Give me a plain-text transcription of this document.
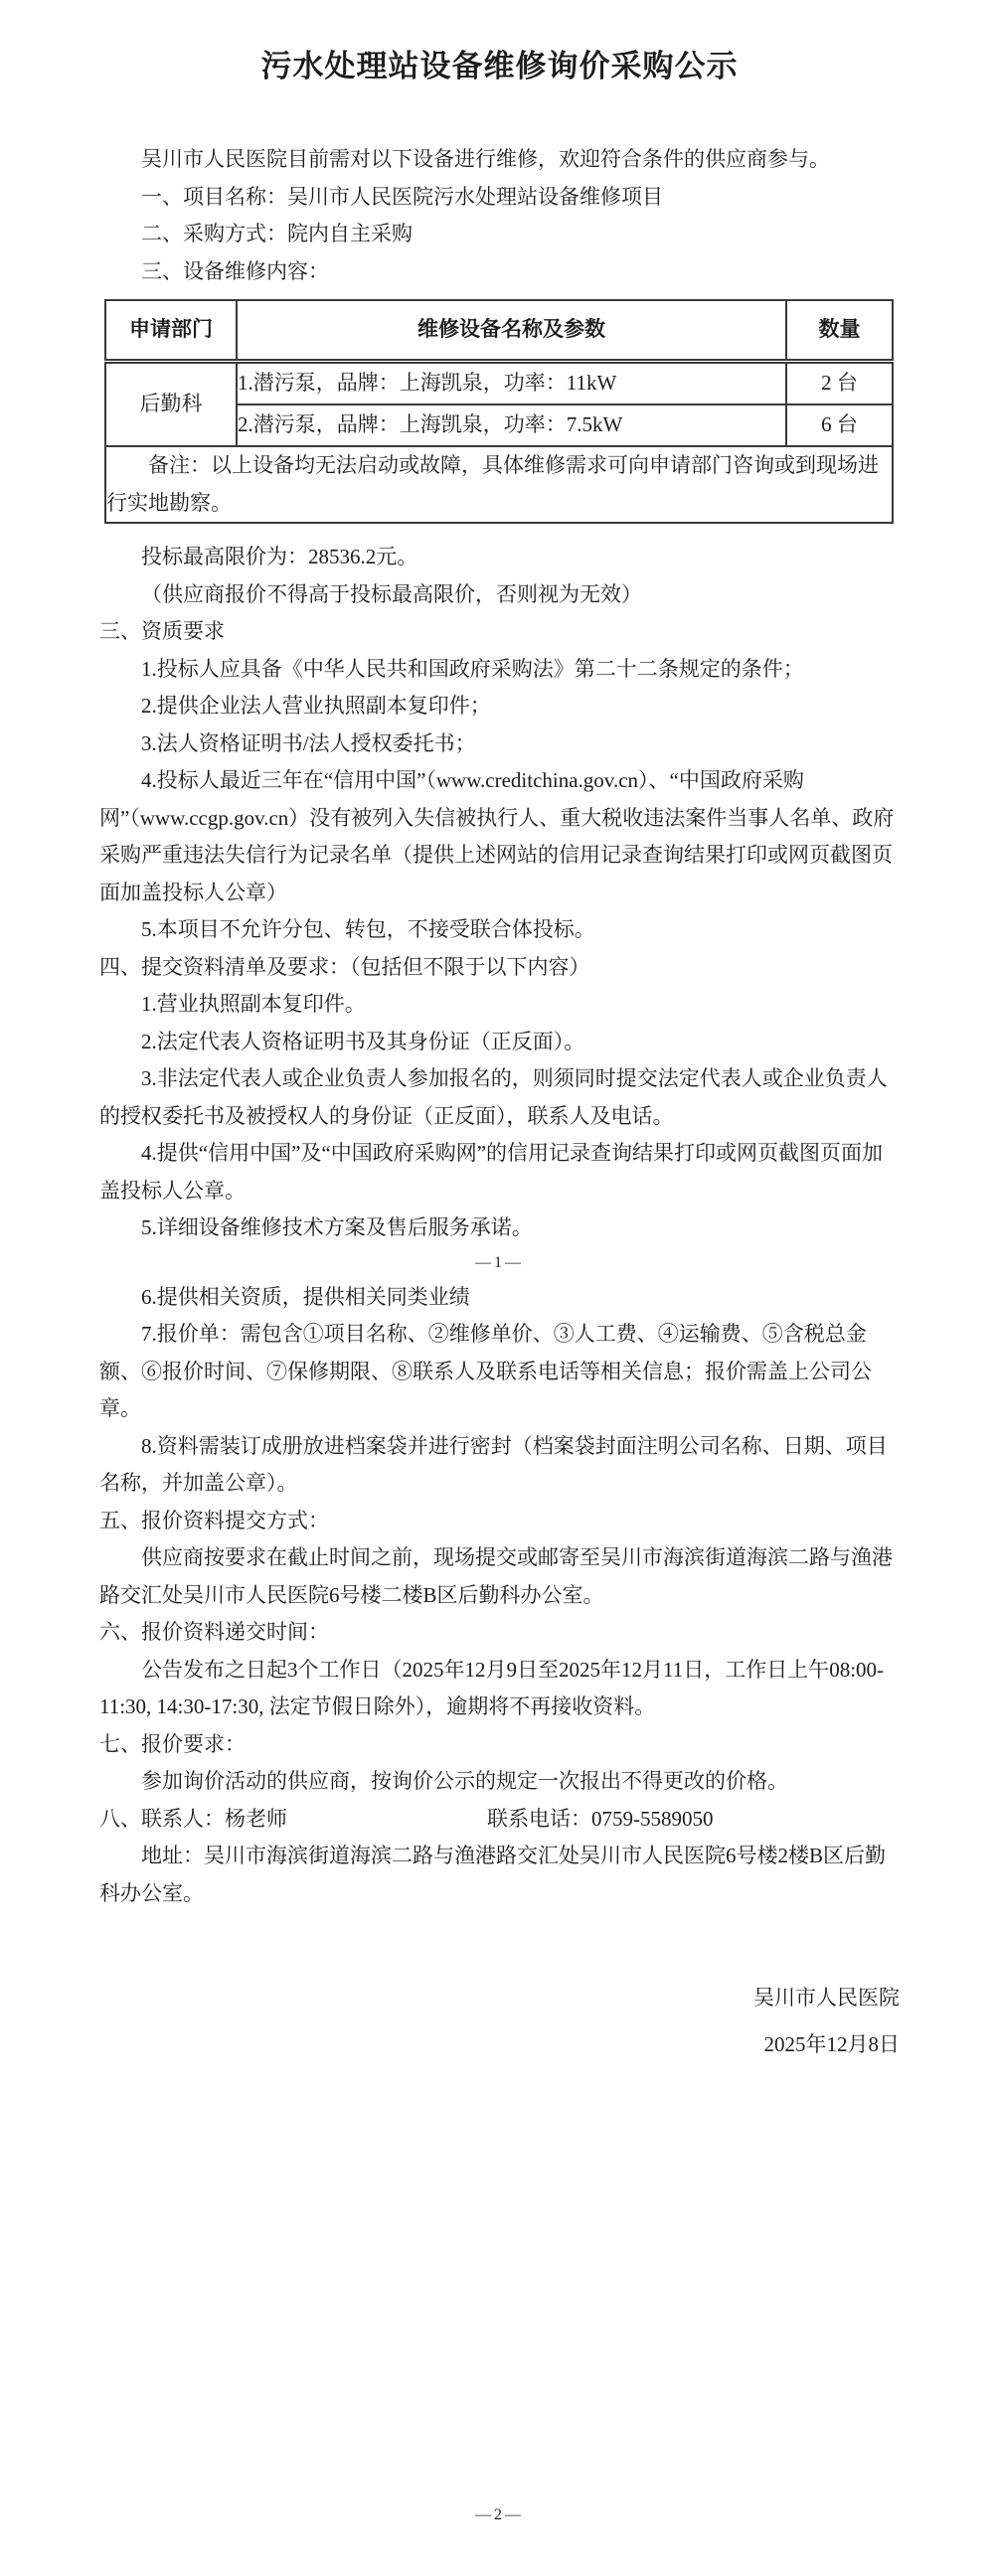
污水处理站设备维修询价采购公示

吴川市人民医院目前需对以下设备进行维修，欢迎符合条件的供应商参与。

一、项目名称：吴川市人民医院污水处理站设备维修项目

二、采购方式：院内自主采购

三、设备维修内容：

申请部门	维修设备名称及参数	数量
后勤科	1.潜污泵，品牌：上海凯泉，功率：11kW	2 台
	2.潜污泵，品牌：上海凯泉，功率：7.5kW	6 台
备注：以上设备均无法启动或故障，具体维修需求可向申请部门咨询或到现场进行实地勘察。		

投标最高限价为：28536.2元。

（供应商报价不得高于投标最高限价，否则视为无效）

三、资质要求

1.投标人应具备《中华人民共和国政府采购法》第二十二条规定的条件；

2.提供企业法人营业执照副本复印件；

3.法人资格证明书/法人授权委托书；

4.投标人最近三年在“信用中国”（www.creditchina.gov.cn）、“中国政府采购网”（www.ccgp.gov.cn）没有被列入失信被执行人、重大税收违法案件当事人名单、政府采购严重违法失信行为记录名单（提供上述网站的信用记录查询结果打印或网页截图页面加盖投标人公章）

5.本项目不允许分包、转包，不接受联合体投标。

四、提交资料清单及要求：（包括但不限于以下内容）

1.营业执照副本复印件。

2.法定代表人资格证明书及其身份证（正反面）。

3.非法定代表人或企业负责人参加报名的，则须同时提交法定代表人或企业负责人的授权委托书及被授权人的身份证（正反面），联系人及电话。

4.提供“信用中国”及“中国政府采购网”的信用记录查询结果打印或网页截图页面加盖投标人公章。

5.详细设备维修技术方案及售后服务承诺。

—1—

6.提供相关资质，提供相关同类业绩

7.报价单：需包含①项目名称、②维修单价、③人工费、④运输费、⑤含税总金额、⑥报价时间、⑦保修期限、⑧联系人及联系电话等相关信息；报价需盖上公司公章。

8.资料需装订成册放进档案袋并进行密封（档案袋封面注明公司名称、日期、项目名称，并加盖公章）。

五、报价资料提交方式：

供应商按要求在截止时间之前，现场提交或邮寄至吴川市海滨街道海滨二路与渔港路交汇处吴川市人民医院6号楼二楼B区后勤科办公室。

六、报价资料递交时间：

公告发布之日起3个工作日（2025年12月9日至2025年12月11日，工作日上午08:00-11:30, 14:30-17:30, 法定节假日除外），逾期将不再接收资料。

七、报价要求：

参加询价活动的供应商，按询价公示的规定一次报出不得更改的价格。

八、联系人：杨老师	联系电话：0759-5589050

地址：吴川市海滨街道海滨二路与渔港路交汇处吴川市人民医院6号楼2楼B区后勤科办公室。

吴川市人民医院

2025年12月8日

—2—
